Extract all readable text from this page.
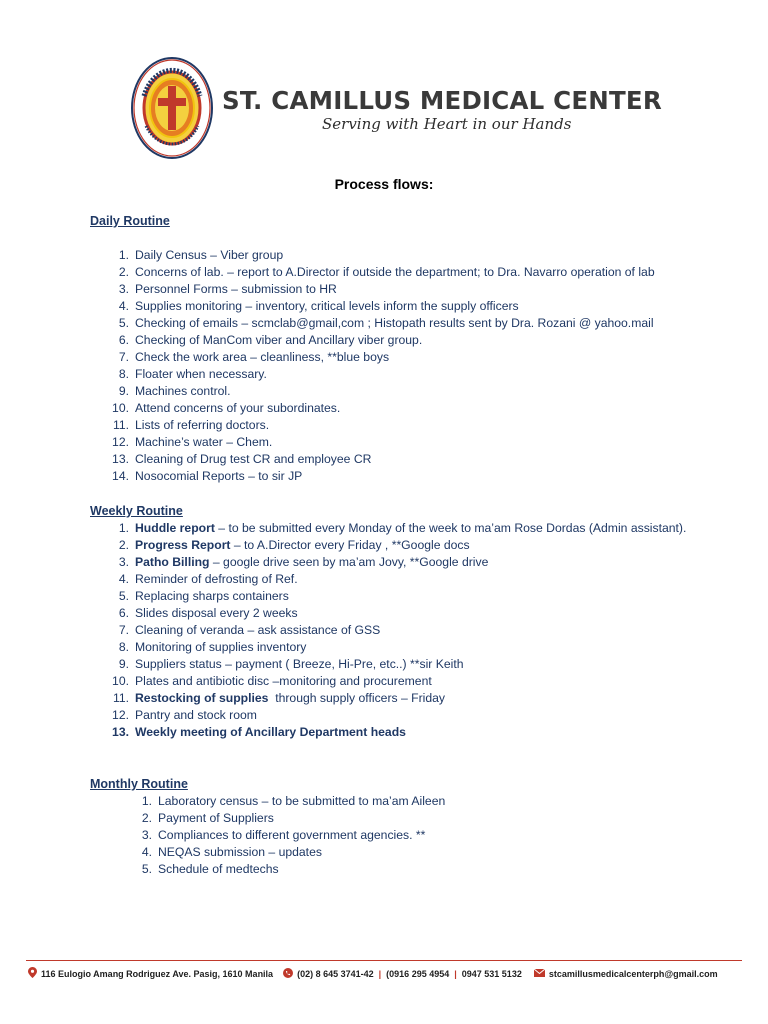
ST. CAMILLUS MEDICAL CENTER
Serving with Heart in our Hands
Process flows:
Daily Routine
1. Daily Census – Viber group
2. Concerns of lab. – report to A.Director if outside the department; to Dra. Navarro operation of lab
3. Personnel Forms – submission to HR
4. Supplies monitoring – inventory, critical levels inform the supply officers
5. Checking of emails – scmclab@gmail,com ; Histopath results sent by Dra. Rozani @ yahoo.mail
6. Checking of ManCom viber and Ancillary viber group.
7. Check the work area – cleanliness, **blue boys
8. Floater when necessary.
9. Machines control.
10. Attend concerns of your subordinates.
11. Lists of referring doctors.
12. Machine’s water – Chem.
13. Cleaning of Drug test CR and employee CR
14. Nosocomial Reports – to sir JP
Weekly Routine
1. Huddle report – to be submitted every Monday of the week to ma’am Rose Dordas (Admin assistant).
2. Progress Report – to A.Director every Friday , **Google docs
3. Patho Billing – google drive seen by ma’am Jovy, **Google drive
4. Reminder of defrosting of Ref.
5. Replacing sharps containers
6. Slides disposal every 2 weeks
7. Cleaning of veranda – ask assistance of GSS
8. Monitoring of supplies inventory
9. Suppliers status – payment ( Breeze, Hi-Pre, etc..) **sir Keith
10. Plates and antibiotic disc –monitoring and procurement
11. Restocking of supplies  through supply officers – Friday
12. Pantry and stock room
13. Weekly meeting of Ancillary Department heads
Monthly Routine
1. Laboratory census – to be submitted to ma’am Aileen
2. Payment of Suppliers
3. Compliances to different government agencies. **
4. NEQAS submission – updates
5. Schedule of medtechs
116 Eulogio Amang Rodriguez Ave. Pasig, 1610 Manila	(02) 8 645 3741-42 | (0916 295 4954 | 0947 531 5132	stcamillusmedicalcenterph@gmail.com
